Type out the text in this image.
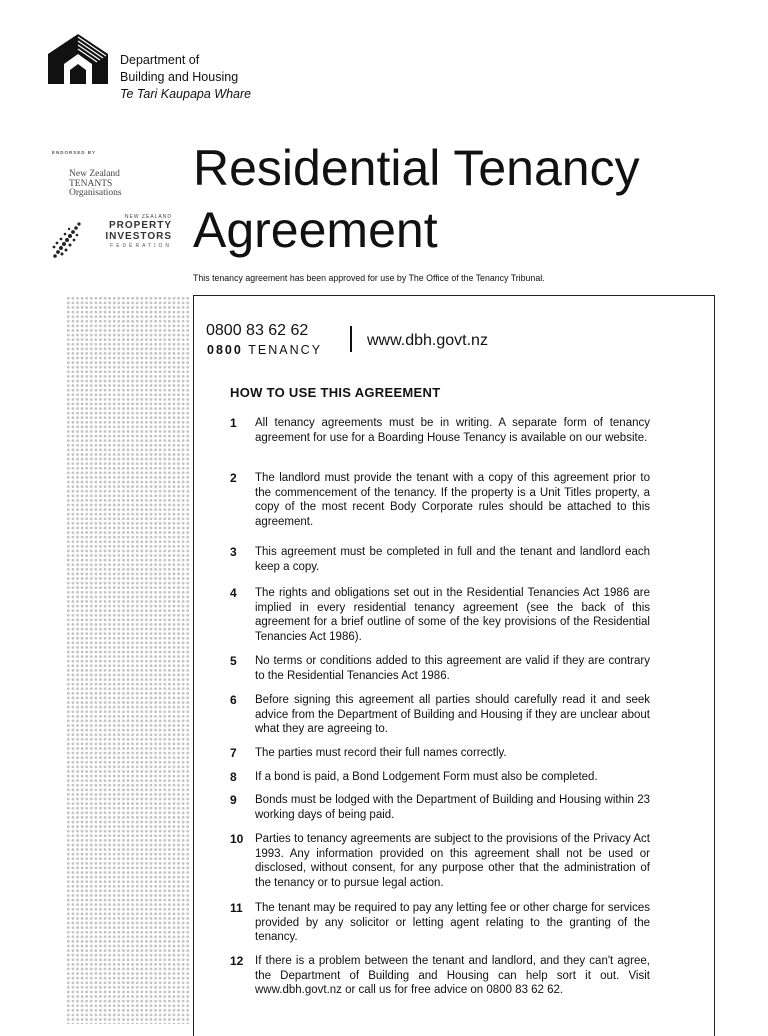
Department of
Building and Housing
Te Tari Kaupapa Whare
ENDORSED BY
New Zealand
TENANTS
Organisations
NEW ZEALAND
PROPERTY
INVESTORS
FEDERATION
Residential Tenancy
Agreement
This tenancy agreement has been approved for use by The Office of the Tenancy Tribunal.
0800 83 62 62
0800 TENANCY
www.dbh.govt.nz
HOW TO USE THIS AGREEMENT
1	All tenancy agreements must be in writing. A separate form of tenancy agreement for use for a Boarding House Tenancy is available on our website.
2	The landlord must provide the tenant with a copy of this agreement prior to the commencement of the tenancy. If the property is a Unit Titles property, a copy of the most recent Body Corporate rules should be attached to this agreement.
3	This agreement must be completed in full and the tenant and landlord each keep a copy.
4	The rights and obligations set out in the Residential Tenancies Act 1986 are implied in every residential tenancy agreement (see the back of this agreement for a brief outline of some of the key provisions of the Residential Tenancies Act 1986).
5	No terms or conditions added to this agreement are valid if they are contrary to the Residential Tenancies Act 1986.
6	Before signing this agreement all parties should carefully read it and seek advice from the Department of Building and Housing if they are unclear about what they are agreeing to.
7	The parties must record their full names correctly.
8	If a bond is paid, a Bond Lodgement Form must also be completed.
9	Bonds must be lodged with the Department of Building and Housing within 23 working days of being paid.
10	Parties to tenancy agreements are subject to the provisions of the Privacy Act 1993. Any information provided on this agreement shall not be used or disclosed, without consent, for any purpose other that the administration of the tenancy or to pursue legal action.
11	The tenant may be required to pay any letting fee or other charge for services provided by any solicitor or letting agent relating to the granting of the tenancy.
12	If there is a problem between the tenant and landlord, and they can't agree, the Department of Building and Housing can help sort it out. Visit www.dbh.govt.nz or call us for free advice on 0800 83 62 62.
